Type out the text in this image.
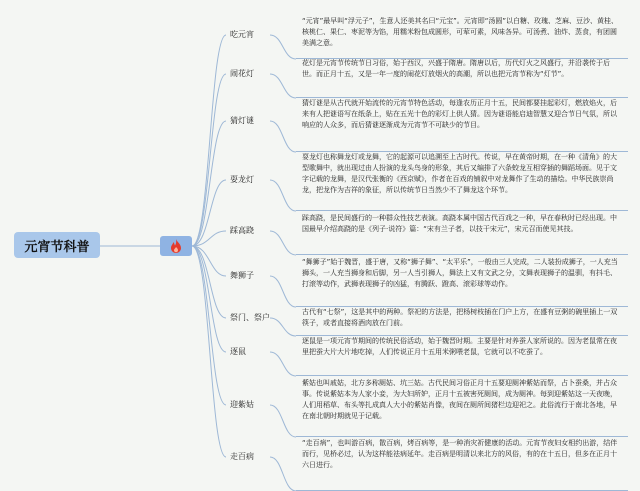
元宵节科普
吃元宵
闹花灯
猜灯谜
耍龙灯
踩高跷
舞狮子
祭门、祭户
逐鼠
迎紫姑
走百病
“元宵”最早叫“浮元子”，生意人还美其名曰“元宝”。元宵即“汤圆”以白糖、玫瑰、芝麻、豆沙、黄桂、核桃仁、果仁、枣泥等为馅，用糯米粉包成圆形，可荤可素，风味各异。可汤煮、油炸、蒸食，有团圆美满之意。
花灯是元宵节传统节日习俗，始于西汉，兴盛于隋唐。隋唐以后，历代灯火之风盛行，并沿袭传于后世。而正月十五，又是一年一度的闹花灯放烟火的高潮，所以也把元宵节称为“灯节”。
猜灯谜是从古代就开始流传的元宵节特色活动，每逢农历正月十五，民间都要挂起彩灯，燃放焰火，后来有人把谜语写在纸条上，贴在五光十色的彩灯上供人猜。因为谜语能启迪智慧又迎合节日气氛，所以响应的人众多，而后猜谜逐渐成为元宵节不可缺少的节目。
耍龙灯也称舞龙灯或龙舞，它的起源可以追溯至上古时代。传说，早在黄帝时期，在一种《清角》的大型歌舞中，就出现过由人扮演的龙头鸟身的形象，其后又编排了六条蛟龙互相穿插的舞蹈场面。见于文字记载的龙舞，是汉代张衡的《西京赋》，作者在百戏的铺叙中对龙舞作了生动的描绘。中华民族崇尚龙，把龙作为吉祥的象征，所以传统节日当然少不了舞龙这个环节。
踩高跷，是民间盛行的一种群众性技艺表演。高跷本属中国古代百戏之一种，早在春秋时已经出现。中国最早介绍高跷的是《列子·说符》篇：“宋有兰子者，以技干宋元”，宋元召而使见其技。
“舞狮子”始于魏晋，盛于唐，又称“狮子舞”、“太平乐”，一般由三人完成，二人装扮成狮子，一人充当狮头，一人充当狮身和后脚，另一人当引狮人，舞法上又有文武之分，文舞表现狮子的温驯，有抖毛、打滚等动作，武狮表现狮子的凶猛，有腾跃、蹬高、滚彩球等动作。
古代有“七祭”，这是其中的两种。祭祀的方法是，把杨树枝插在门户上方，在盛有豆粥的碗里插上一双筷子，或者直接将酒肉放在门前。
逐鼠是一项元宵节期间的传统民俗活动，始于魏晋时期。主要是针对养蚕人家所说的。因为老鼠常在夜里把蚕大片大片地吃掉，人们传说正月十五用米粥喂老鼠，它就可以不吃蚕了。
紫姑也叫戚姑，北方多称厕姑、坑三姑。古代民间习俗正月十五要迎厕神紫姑而祭，占卜蚕桑，并占众事。传说紫姑本为人家小妾，为大妇所妒，正月十五被害死厕间，成为厕神。每到迎紫姑这一天夜晚，人们用稻草、布头等扎成真人大小的紫姑肖像，夜间在厕所间猪栏边迎祀之。此俗流行于南北各地，早在南北朝时期就见于记载。
“走百病”，也叫游百病，散百病，烤百病等，是一种消灾祈健康的活动。元宵节夜妇女相约出游，结伴而行，见桥必过，认为这样能祛病延年。走百病是明清以来北方的风俗，有的在十五日，但多在正月十六日进行。
